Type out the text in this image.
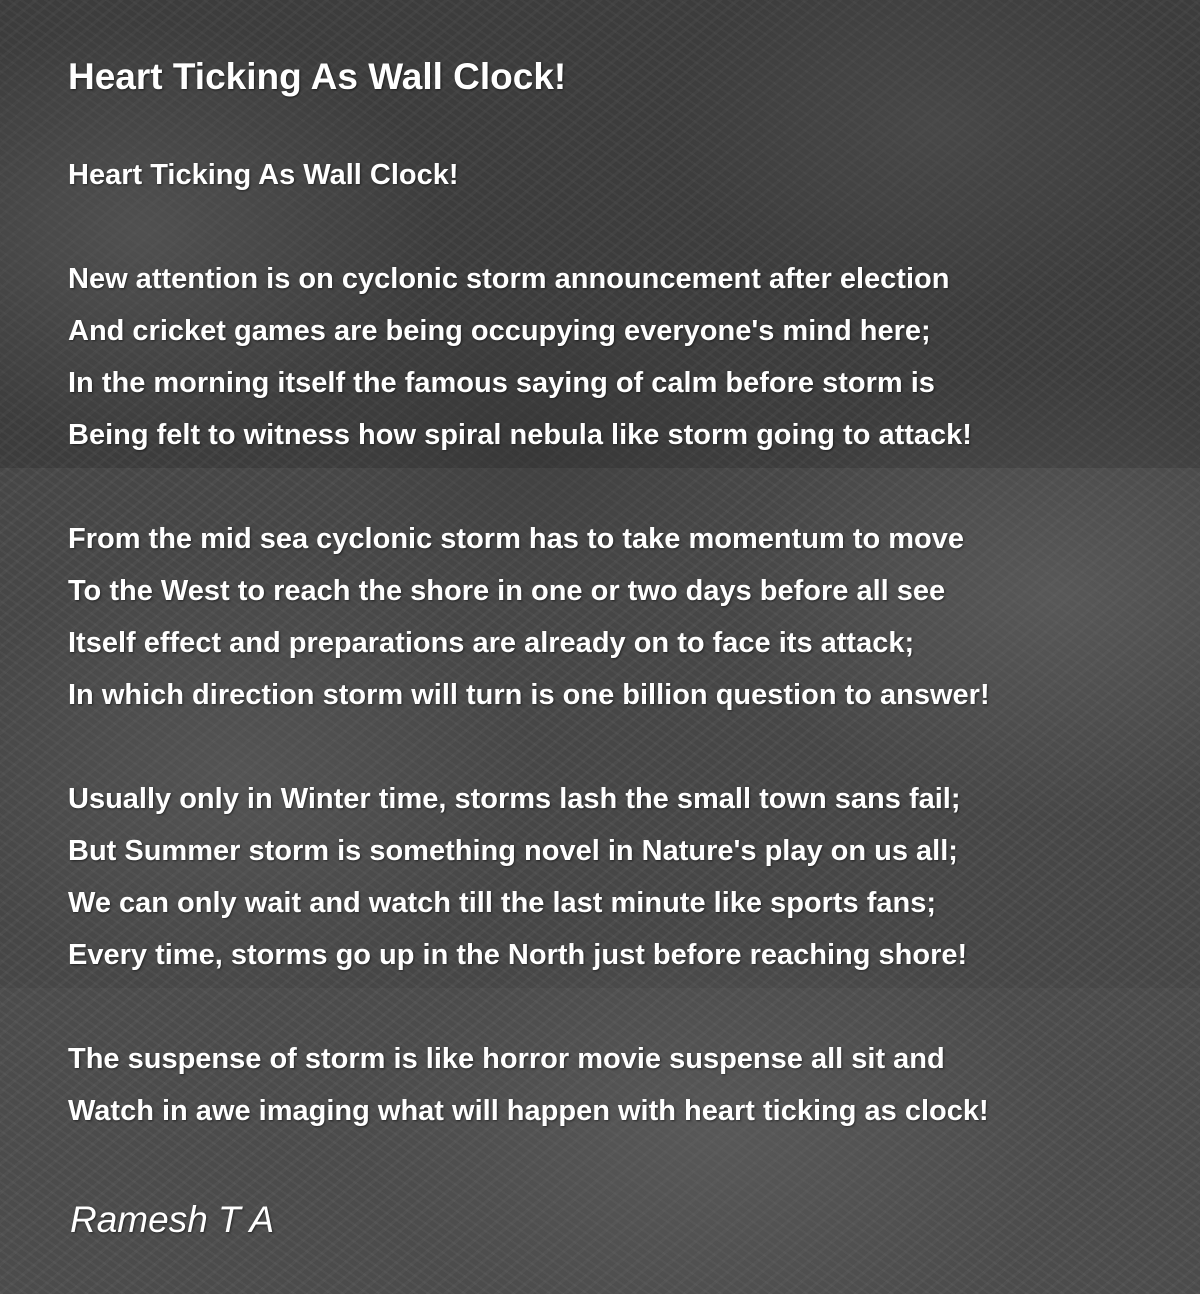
Heart Ticking As Wall Clock!
Heart Ticking As Wall Clock!
New attention is on cyclonic storm announcement after election
And cricket games are being occupying everyone's mind here;
In the morning itself the famous saying of calm before storm is
Being felt to witness how spiral nebula like storm going to attack!
From the mid sea cyclonic storm has to take momentum to move
To the West to reach the shore in one or two days before all see
Itself effect and preparations are already on to face its attack;
In which direction storm will turn is one billion question to answer!
Usually only in Winter time, storms lash the small town sans fail;
But Summer storm is something novel in Nature's play on us all;
We can only wait and watch till the last minute like sports fans;
Every time, storms go up in the North just before reaching shore!
The suspense of storm is like horror movie suspense all sit and
Watch in awe imaging what will happen with heart ticking as clock!
Ramesh T A
